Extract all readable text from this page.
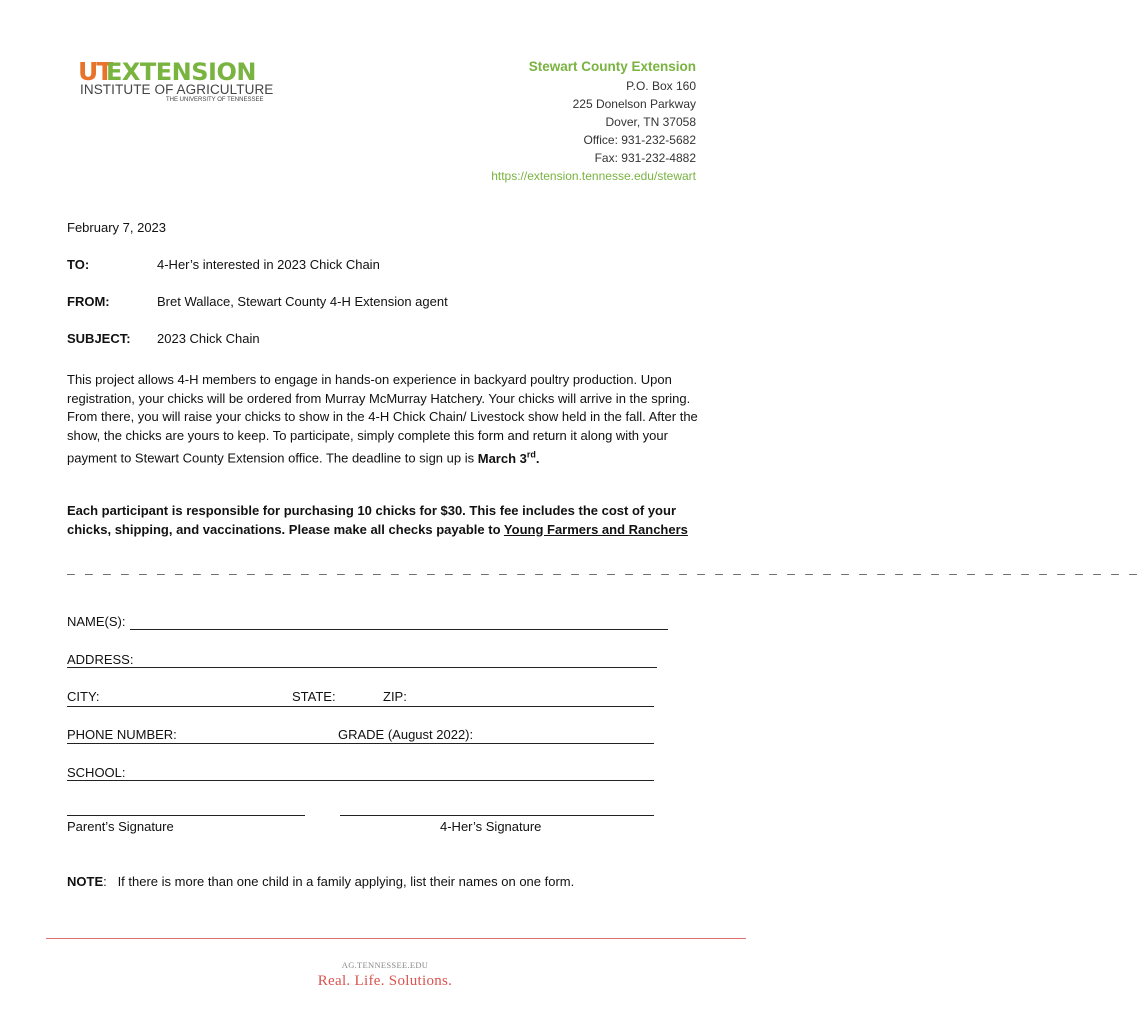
UT
EXTENSION
INSTITUTE OF AGRICULTURE
THE UNIVERSITY OF TENNESSEE
Stewart County Extension
P.O. Box 160
225 Donelson Parkway
Dover, TN 37058
Office: 931-232-5682
Fax: 931-232-4882
https://extension.tennesse.edu/stewart
February 7, 2023
TO:	4-Her’s interested in 2023 Chick Chain
FROM:	Bret Wallace, Stewart County 4-H Extension agent
SUBJECT: 2023 Chick Chain
This project allows 4-H members to engage in hands-on experience in backyard poultry production. Upon registration, your chicks will be ordered from Murray McMurray Hatchery. Your chicks will arrive in the spring. From there, you will raise your chicks to show in the 4-H Chick Chain/ Livestock show held in the fall. After the show, the chicks are yours to keep. To participate, simply complete this form and return it along with your payment to Stewart County Extension office. The deadline to sign up is March 3rd.
Each participant is responsible for purchasing 10 chicks for $30. This fee includes the cost of your chicks, shipping, and vaccinations. Please make all checks payable to Young Farmers and Ranchers
_ _ _ _ _ _ _ _ _ _ _ _ _ _ _ _ _ _ _ _ _ _ _ _ _ _ _ _ _ _ _ _ _ _ _ _ _ _ _ _ _ _ _ _ _ _ _ _ _ _ _ _ _ _ _ _ _ _ _ _
NAME(S):
ADDRESS:
CITY:	STATE:	ZIP:
PHONE NUMBER:	GRADE (August 2022):
SCHOOL:
Parent’s Signature	4-Her’s Signature
NOTE:   If there is more than one child in a family applying, list their names on one form.
AG.TENNESSEE.EDU
Real. Life. Solutions.
